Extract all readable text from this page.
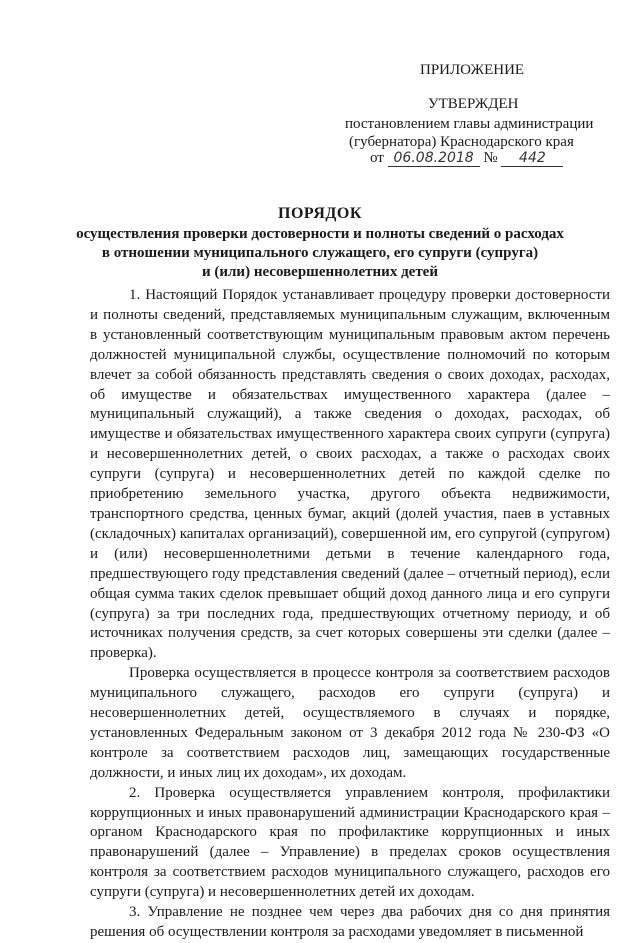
ПРИЛОЖЕНИЕ
УТВЕРЖДЕН
постановлением главы администрации
(губернатора) Краснодарского края
от 06.08.2018 № 442
ПОРЯДОК
осуществления проверки достоверности и полноты сведений о расходах
в отношении муниципального служащего, его супруги (супруга)
и (или) несовершеннолетних детей

1. Настоящий Порядок устанавливает процедуру проверки достоверности и полноты сведений, представляемых муниципальным служащим, включенным в установленный соответствующим муниципальным правовым актом перечень должностей муниципальной службы, осуществление полномочий по которым влечет за собой обязанность представлять сведения о своих доходах, расходах, об имуществе и обязательствах имущественного характера (далее – муниципальный служащий), а также сведения о доходах, расходах, об имуществе и обязательствах имущественного характера своих супруги (супруга) и несовершеннолетних детей, о своих расходах, а также о расходах своих супруги (супруга) и несовершеннолетних детей по каждой сделке по приобретению земельного участка, другого объекта недвижимости, транспортного средства, ценных бумаг, акций (долей участия, паев в уставных (складочных) капиталах организаций), совершенной им, его супругой (супругом) и (или) несовершеннолетними детьми в течение календарного года, предшествующего году представления сведений (далее – отчетный период), если общая сумма таких сделок превышает общий доход данного лица и его супруги (супруга) за три последних года, предшествующих отчетному периоду, и об источниках получения средств, за счет которых совершены эти сделки (далее – проверка).

Проверка осуществляется в процессе контроля за соответствием расходов муниципального служащего, расходов его супруги (супруга) и несовершеннолетних детей, осуществляемого в случаях и порядке, установленных Федеральным законом от 3 декабря 2012 года № 230-ФЗ «О контроле за соответствием расходов лиц, замещающих государственные должности, и иных лиц их доходам», их доходам.

2. Проверка осуществляется управлением контроля, профилактики коррупционных и иных правонарушений администрации Краснодарского края – органом Краснодарского края по профилактике коррупционных и иных правонарушений (далее – Управление) в пределах сроков осуществления контроля за соответствием расходов муниципального служащего, расходов его супруги (супруга) и несовершеннолетних детей их доходам.

3. Управление не позднее чем через два рабочих дня со дня принятия решения об осуществлении контроля за расходами уведомляет в письменной
